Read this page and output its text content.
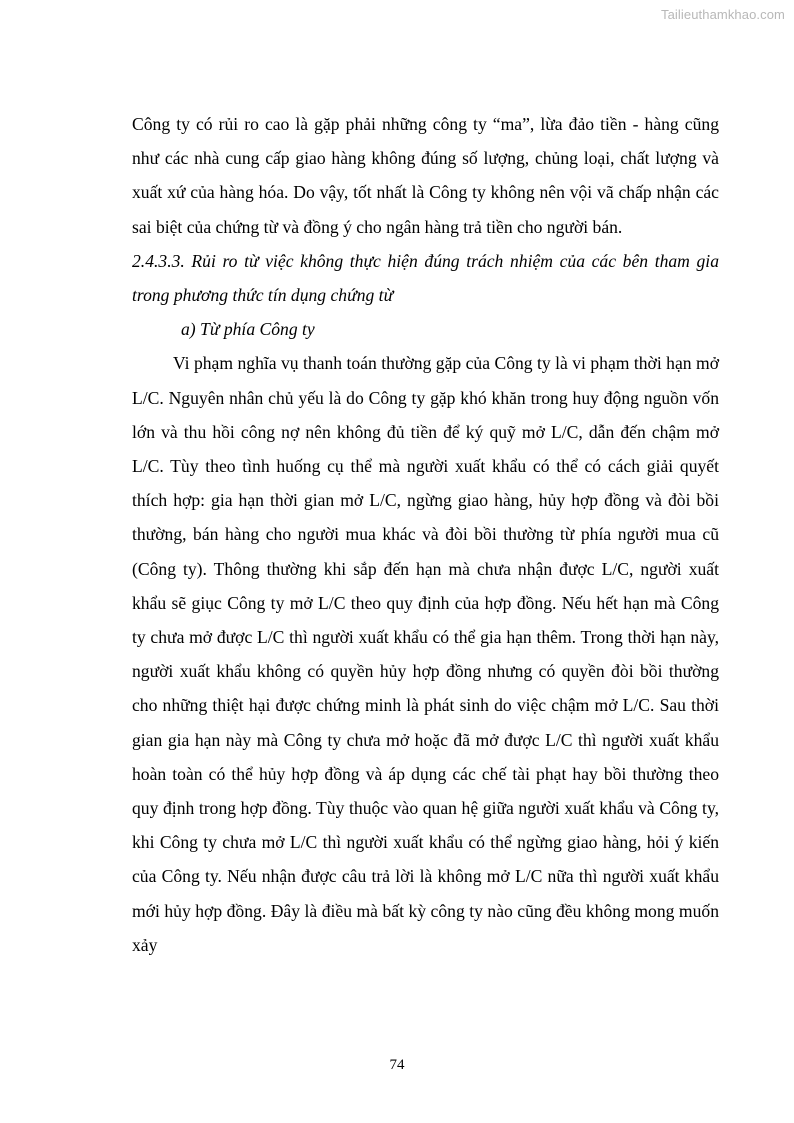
Tailieuthamkhao.com

Công ty có rủi ro cao là gặp phải những công ty “ma”, lừa đảo tiền - hàng cũng như các nhà cung cấp giao hàng không đúng số lượng, chủng loại, chất lượng và xuất xứ của hàng hóa. Do vậy, tốt nhất là Công ty không nên vội vã chấp nhận các sai biệt của chứng từ và đồng ý cho ngân hàng trả tiền cho người bán.

2.4.3.3. Rủi ro từ việc không thực hiện đúng trách nhiệm của các bên tham gia trong phương thức tín dụng chứng từ

a) Từ phía Công ty

Vi phạm nghĩa vụ thanh toán thường gặp của Công ty là vi phạm thời hạn mở L/C. Nguyên nhân chủ yếu là do Công ty gặp khó khăn trong huy động nguồn vốn lớn và thu hồi công nợ nên không đủ tiền để ký quỹ mở L/C, dẫn đến chậm mở L/C. Tùy theo tình huống cụ thể mà người xuất khẩu có thể có cách giải quyết thích hợp: gia hạn thời gian mở L/C, ngừng giao hàng, hủy hợp đồng và đòi bồi thường, bán hàng cho người mua khác và đòi bồi thường từ phía người mua cũ (Công ty). Thông thường khi sắp đến hạn mà chưa nhận được L/C, người xuất khẩu sẽ giục Công ty mở L/C theo quy định của hợp đồng. Nếu hết hạn mà Công ty chưa mở được L/C thì người xuất khẩu có thể gia hạn thêm. Trong thời hạn này, người xuất khẩu không có quyền hủy hợp đồng nhưng có quyền đòi bồi thường cho những thiệt hại được chứng minh là phát sinh do việc chậm mở L/C. Sau thời gian gia hạn này mà Công ty chưa mở hoặc đã mở được L/C thì người xuất khẩu hoàn toàn có thể hủy hợp đồng và áp dụng các chế tài phạt hay bồi thường theo quy định trong hợp đồng. Tùy thuộc vào quan hệ giữa người xuất khẩu và Công ty, khi Công ty chưa mở L/C thì người xuất khẩu có thể ngừng giao hàng, hỏi ý kiến của Công ty. Nếu nhận được câu trả lời là không mở L/C nữa thì người xuất khẩu mới hủy hợp đồng. Đây là điều mà bất kỳ công ty nào cũng đều không mong muốn xảy

74
